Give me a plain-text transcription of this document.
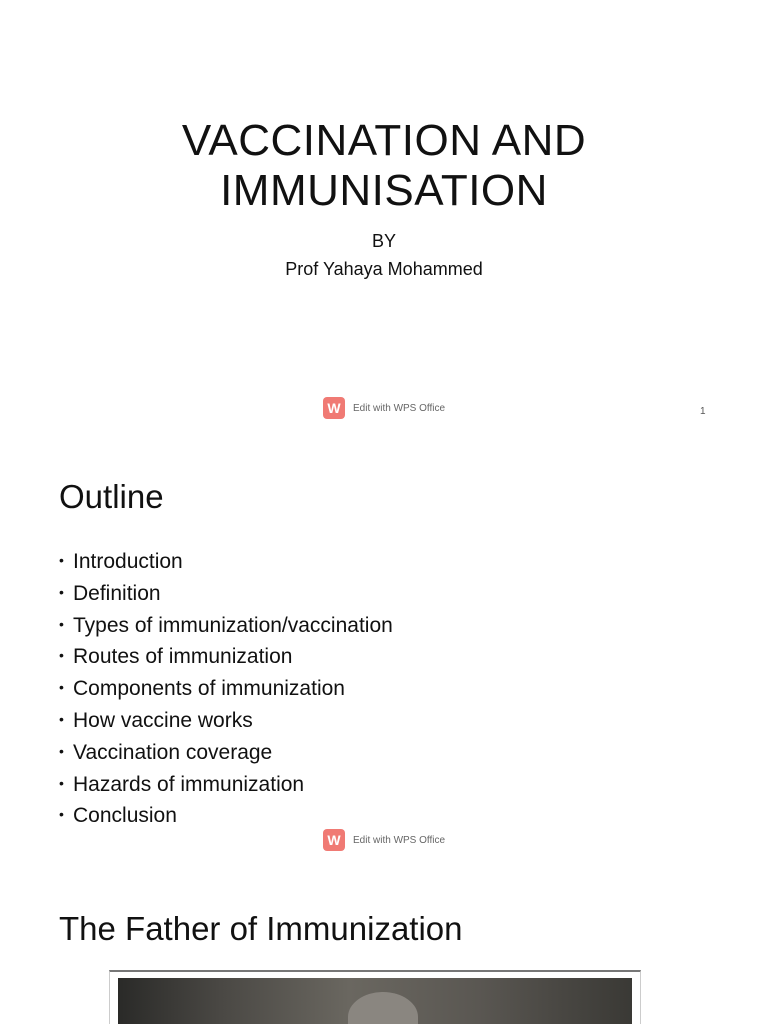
VACCINATION AND
IMMUNISATION
BY
Prof Yahaya Mohammed
W	Edit with WPS Office	1
Outline
• Introduction
• Definition
• Types of immunization/vaccination
• Routes of immunization
• Components of immunization
• How vaccine works
• Vaccination coverage
• Hazards of immunization
• Conclusion
W	Edit with WPS Office
The Father of Immunization
